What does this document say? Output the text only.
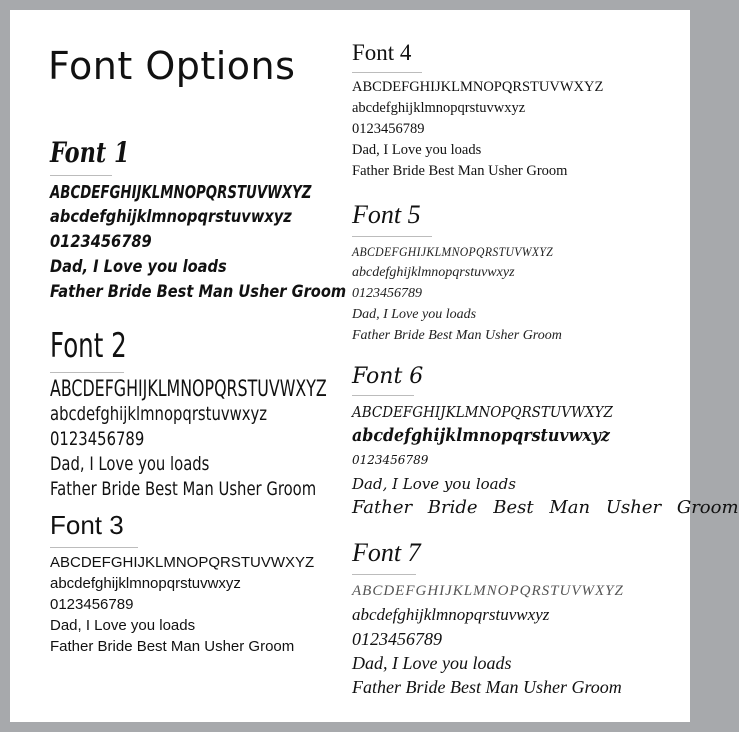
Font Options
Font 1
ABCDEFGHIJKLMNOPQRSTUVWXYZ
abcdefghijklmnopqrstuvwxyz
0123456789
Dad, I Love you loads
Father Bride Best Man Usher Groom
Font 2
ABCDEFGHIJKLMNOPQRSTUVWXYZ
abcdefghijklmnopqrstuvwxyz
0123456789
Dad, I Love you loads
Father Bride Best Man Usher Groom
Font 3
ABCDEFGHIJKLMNOPQRSTUVWXYZ
abcdefghijklmnopqrstuvwxyz
0123456789
Dad, I Love you loads
Father Bride Best Man Usher Groom
Font 4
ABCDEFGHIJKLMNOPQRSTUVWXYZ
abcdefghijklmnopqrstuvwxyz
0123456789
Dad, I Love you loads
Father Bride Best Man Usher Groom
Font 5
ABCDEFGHIJKLMNOPQRSTUVWXYZ
abcdefghijklmnopqrstuvwxyz
0123456789
Dad, I Love you loads
Father Bride Best Man Usher Groom
Font 6
ABCDEFGHIJKLMNOPQRSTUVWXYZ
abcdefghijklmnopqrstuvwxyz
0123456789
Dad, I Love you loads
Father Bride Best Man Usher Groom
Font 7
ABCDEFGHIJKLMNOPQRSTUVWXYZ
abcdefghijklmnopqrstuvwxyz
0123456789
Dad, I Love you loads
Father Bride Best Man Usher Groom
